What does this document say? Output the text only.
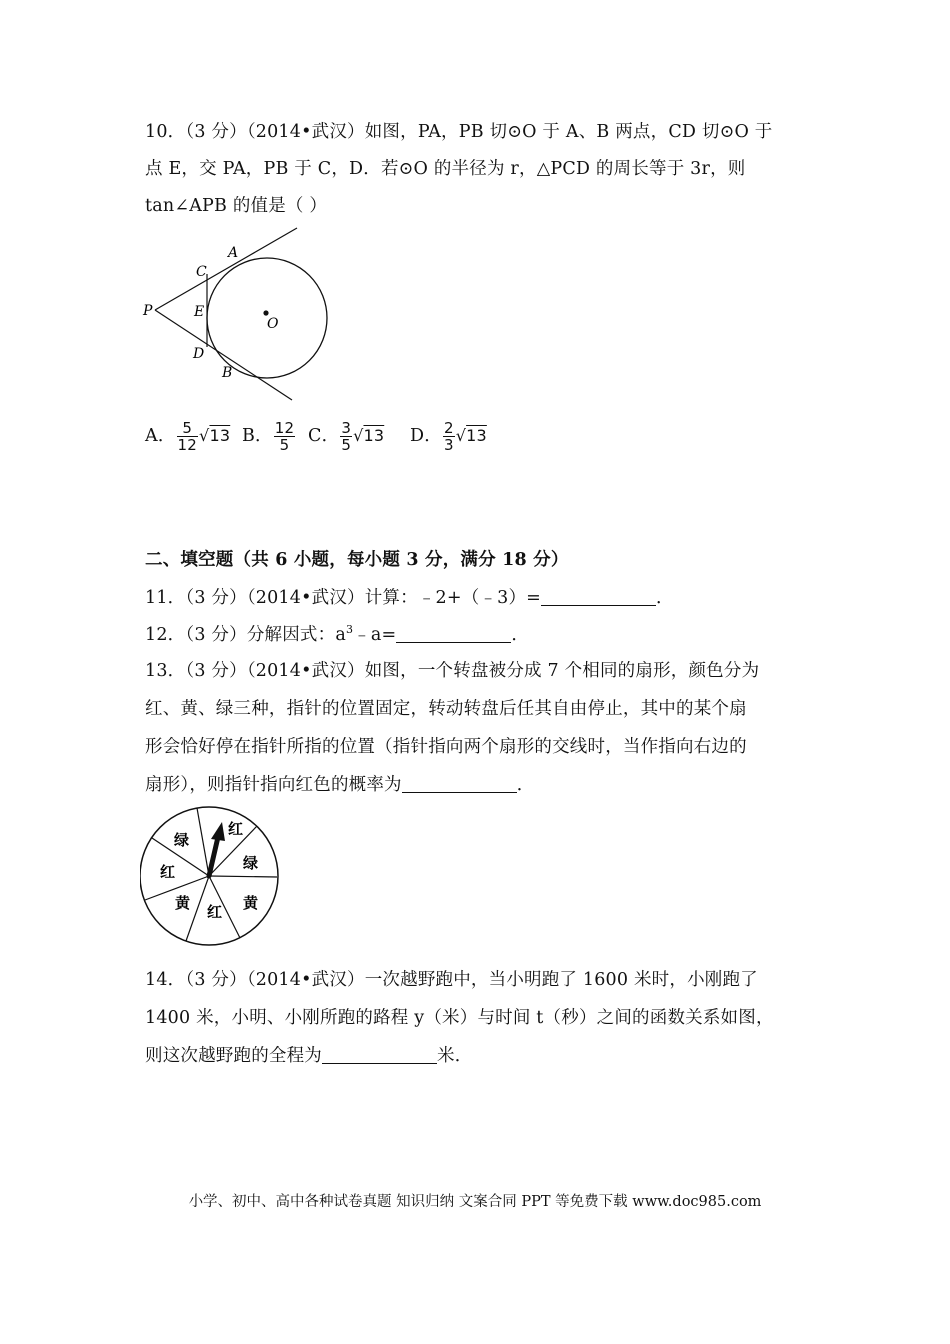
10．（3 分）（2014•武汉）如图，PA，PB 切⊙O 于 A、B 两点，CD 切⊙O 于
点 E，交 PA，PB 于 C，D．若⊙O 的半径为 r，△PCD 的周长等于 3r，则
tan∠APB 的值是（ ）
A
C
P	E
O
D
B
A． $\frac{5}{12} √13$ B． $\frac{12}{5}$ C． $\frac{3}{5} √13$ D． $\frac{2}{3} √13$
二、填空题（共 6 小题，每小题 3 分，满分 18 分）
11．（3 分）（2014•武汉）计算：﹣2+（﹣3）=	．
12．（3 分）分解因式：$a^3﹣a=$	．
13．（3 分）（2014•武汉）如图，一个转盘被分成 7 个相同的扇形，颜色分为
红、黄、绿三种，指针的位置固定，转动转盘后任其自由停止，其中的某个扇
形会恰好停在指针所指的位置（指针指向两个扇形的交线时，当作指向右边的
扇形），则指针指向红色的概率为	．
红
绿
黄
红
黄
红
绿
14．（3 分）（2014•武汉）一次越野跑中，当小明跑了 1600 米时，小刚跑了
1400 米，小明、小刚所跑的路程 y（米）与时间 t（秒）之间的函数关系如图，
则这次越野跑的全程为	米．
小学、初中、高中各种试卷真题 知识归纳 文案合同 PPT 等免费下载 www.doc985.com
